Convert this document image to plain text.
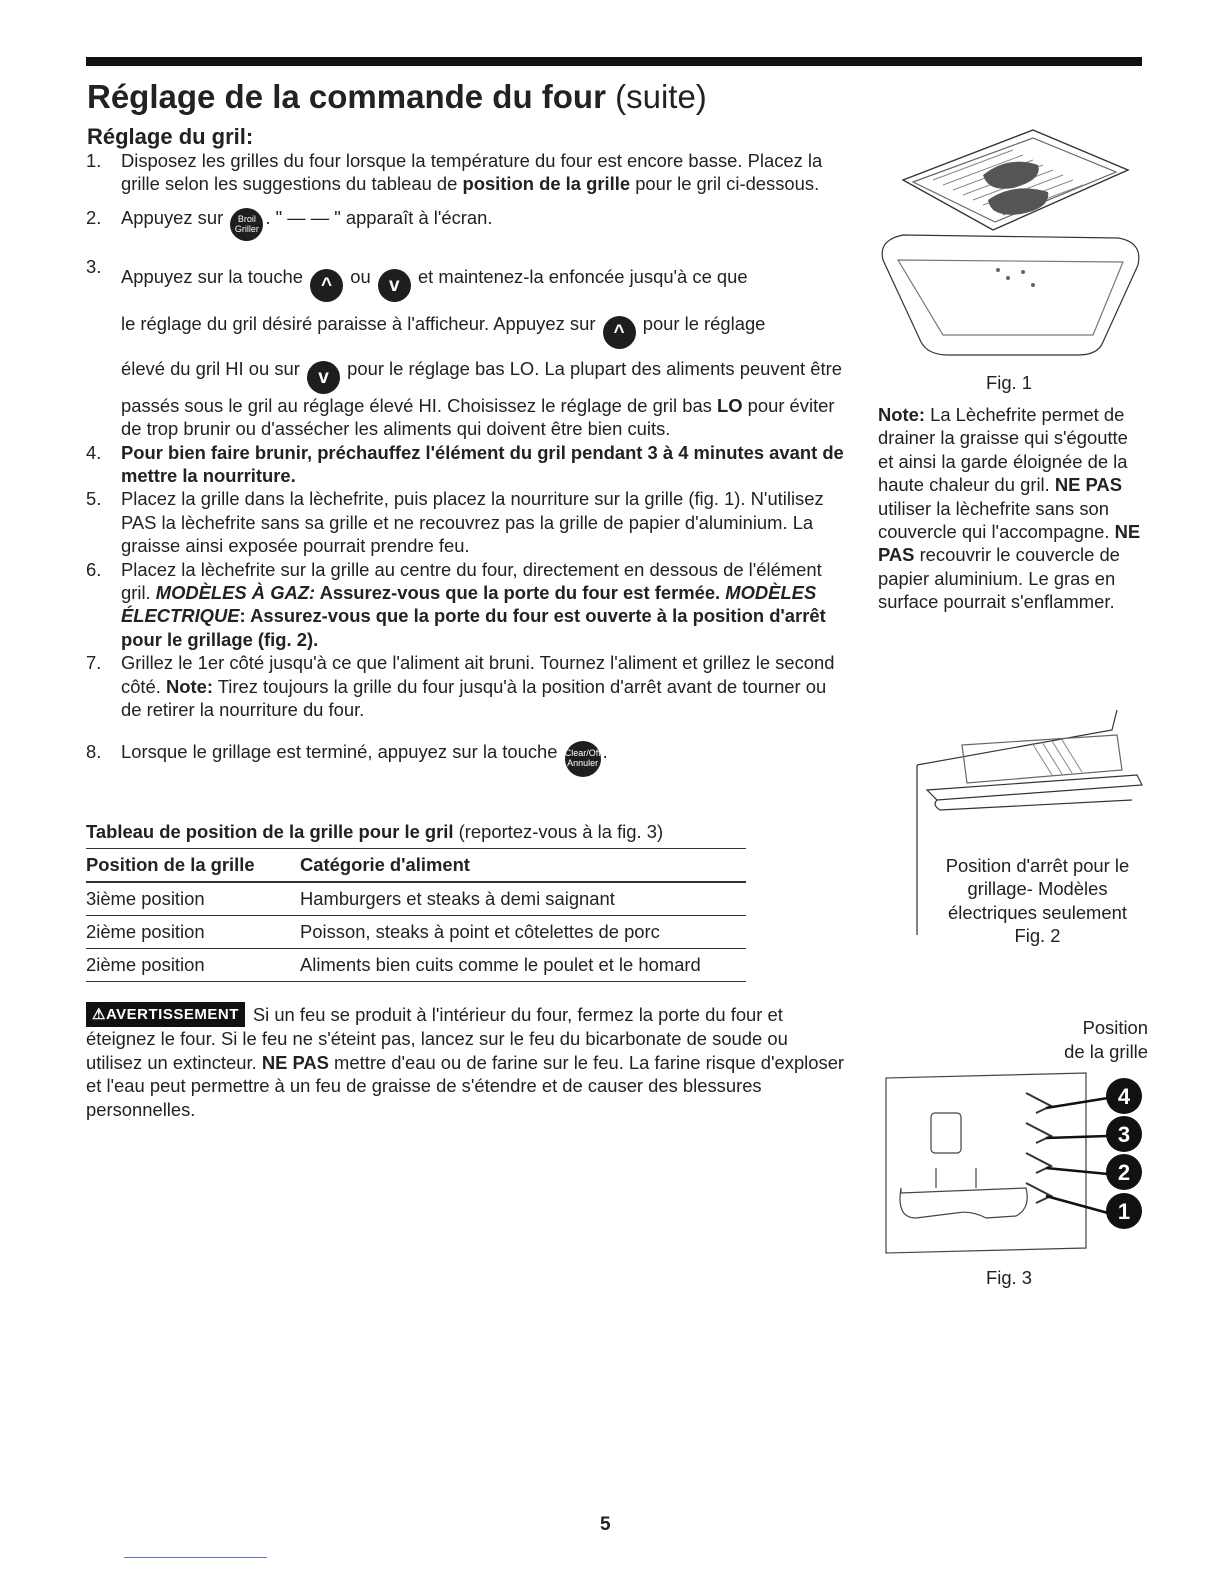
Réglage de la commande du four (suite)
Réglage du gril:
1.	Disposez les grilles du four lorsque la température du four est encore basse. Placez la grille selon les suggestions du tableau de position de la grille pour le gril ci-dessous.
2.	Appuyez sur Broil
Griller. " — — " apparaît à l'écran.
3.	Appuyez sur la touche ^ ou v et maintenez-la enfoncée jusqu'à ce que
le réglage du gril désiré paraisse à l'afficheur. Appuyez sur ^ pour le réglage
élevé du gril HI ou sur v pour le réglage bas LO. La plupart des aliments peuvent être passés sous le gril au réglage élevé HI. Choisissez le réglage de gril bas LO pour éviter de trop brunir ou d'assécher les aliments qui doivent être bien cuits.
4.	Pour bien faire brunir, préchauffez l'élément du gril pendant 3 à 4 minutes avant de mettre la nourriture.
5.	Placez la grille dans la lèchefrite, puis placez la nourriture sur la grille (fig. 1). N'utilisez PAS la lèchefrite sans sa grille et ne recouvrez pas la grille de papier d'aluminium. La graisse ainsi exposée pourrait prendre feu.
6.	Placez la lèchefrite sur la grille au centre du four, directement en dessous de l'élément gril. MODÈLES À GAZ: Assurez-vous que la porte du four est fermée. MODÈLES ÉLECTRIQUE: Assurez-vous que la porte du four est ouverte à la position d'arrêt pour le grillage (fig. 2).
7.	Grillez le 1er côté jusqu'à ce que l'aliment ait bruni. Tournez l'aliment et grillez le second côté. Note: Tirez toujours la grille du four jusqu'à la position d'arrêt avant de tourner ou de retirer la nourriture du four.
8.	Lorsque le grillage est terminé, appuyez sur la touche Clear/Off
Annuler.
Tableau de position de la grille pour le gril (reportez-vous à la fig. 3)
Position de la grille	Catégorie d'aliment
3ième position	Hamburgers et steaks à demi saignant
2ième position	Poisson, steaks à point et côtelettes de porc
2ième position	Aliments bien cuits comme le poulet et le homard
⚠AVERTISSEMENT Si un feu se produit à l'intérieur du four, fermez la porte du four et éteignez le four. Si le feu ne s'éteint pas, lancez sur le feu du bicarbonate de soude ou utilisez un extincteur. NE PAS mettre d'eau ou de farine sur le feu. La farine risque d'exploser et l'eau peut permettre à un feu de graisse de s'étendre et de causer des blessures personnelles.
Fig. 1
Note: La Lèchefrite permet de drainer la graisse qui s'égoutte et ainsi la garde éloignée de la haute chaleur du gril. NE PAS utiliser la lèchefrite sans son couvercle qui l'accompagne. NE PAS recouvrir le couvercle de papier aluminium. Le gras en surface pourrait s'enflammer.
Position d'arrêt pour le grillage- Modèles électriques seulement
Fig. 2
Position
de la grille
4
3
2
1
Fig. 3
5
